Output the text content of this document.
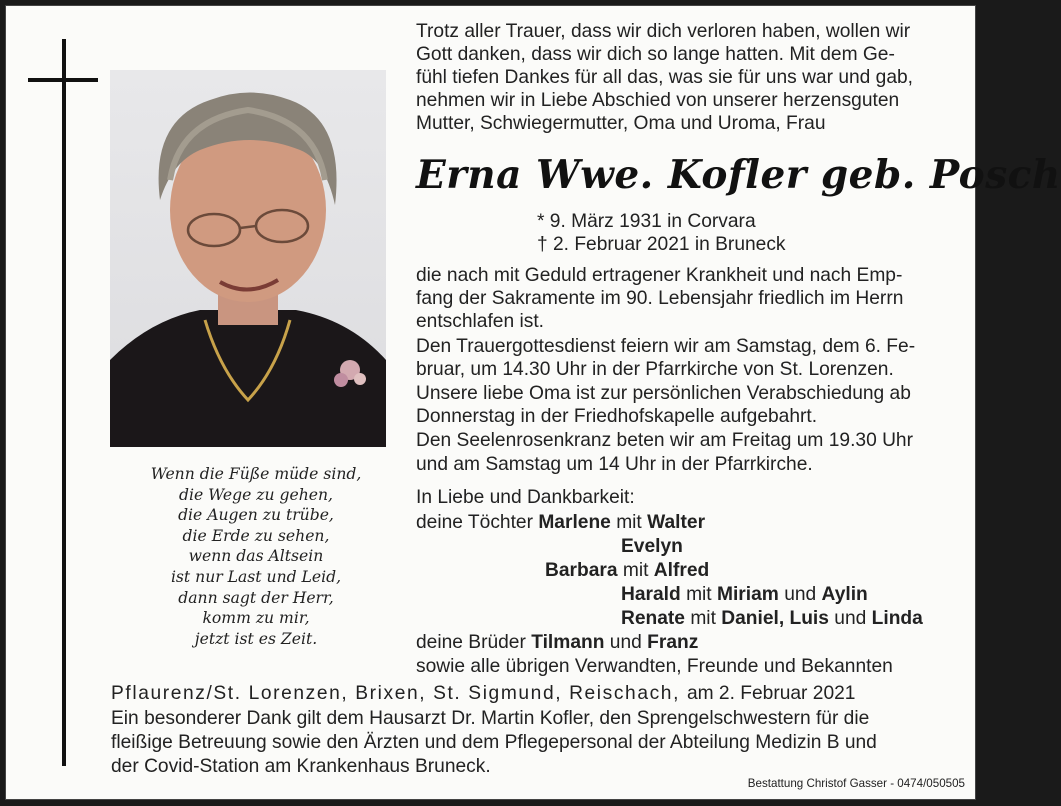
Wenn die Füße müde sind,
die Wege zu gehen,
die Augen zu trübe,
die Erde zu sehen,
wenn das Altsein
ist nur Last und Leid,
dann sagt der Herr,
komm zu mir,
jetzt ist es Zeit.
Trotz aller Trauer, dass wir dich verloren haben, wollen wir
Gott danken, dass wir dich so lange hatten. Mit dem Ge-
fühl tiefen Dankes für all das, was sie für uns war und gab,
nehmen wir in Liebe Abschied von unserer herzensguten
Mutter, Schwiegermutter, Oma und Uroma, Frau
Erna Wwe. Kofler geb. Posch
* 9. März 1931 in Corvara
† 2. Februar 2021 in Bruneck
die nach mit Geduld ertragener Krankheit und nach Emp-
fang der Sakramente im 90. Lebensjahr friedlich im Herrn
entschlafen ist.
Den Trauergottesdienst feiern wir am Samstag, dem 6. Fe-
bruar, um 14.30 Uhr in der Pfarrkirche von St. Lorenzen.
Unsere liebe Oma ist zur persönlichen Verabschiedung ab
Donnerstag in der Friedhofskapelle aufgebahrt.
Den Seelenrosenkranz beten wir am Freitag um 19.30 Uhr
und am Samstag um 14 Uhr in der Pfarrkirche.
In Liebe und Dankbarkeit:
deine Töchter Marlene mit Walter
Evelyn
Barbara mit Alfred
Harald mit Miriam und Aylin
Renate mit Daniel, Luis und Linda
deine Brüder Tilmann und Franz
sowie alle übrigen Verwandten, Freunde und Bekannten
Pflaurenz/St. Lorenzen, Brixen, St. Sigmund, Reischach, am 2. Februar 2021
Ein besonderer Dank gilt dem Hausarzt Dr. Martin Kofler, den Sprengelschwestern für die
fleißige Betreuung sowie den Ärzten und dem Pflegepersonal der Abteilung Medizin B und
der Covid-Station am Krankenhaus Bruneck.
Bestattung Christof Gasser - 0474/050505
